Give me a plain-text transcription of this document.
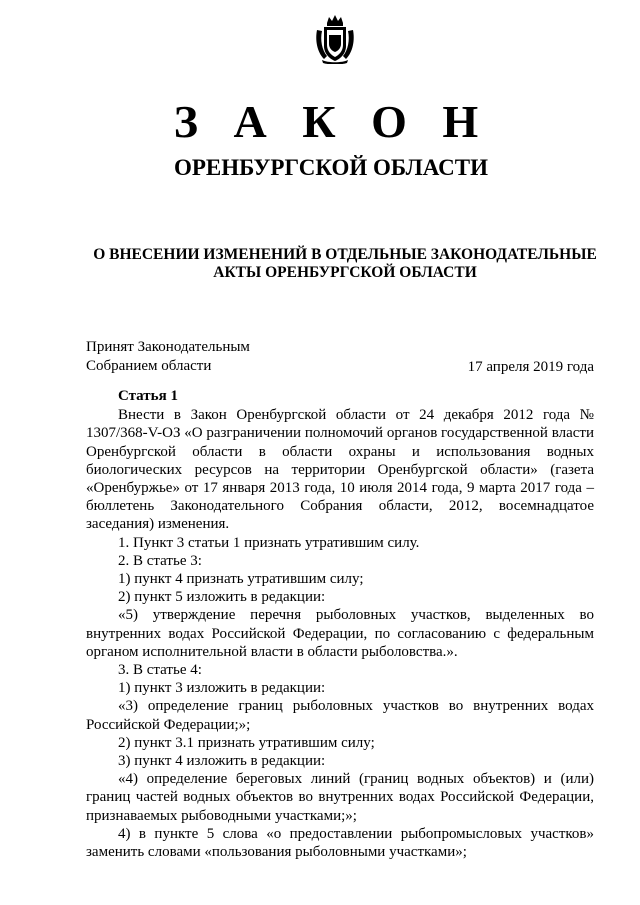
З А К О Н
ОРЕНБУРГСКОЙ ОБЛАСТИ
О ВНЕСЕНИИ ИЗМЕНЕНИЙ В ОТДЕЛЬНЫЕ ЗАКОНОДАТЕЛЬНЫЕ АКТЫ ОРЕНБУРГСКОЙ ОБЛАСТИ
Принят Законодательным
Собранием области	17 апреля 2019 года

Статья 1

Внести в Закон Оренбургской области от 24 декабря 2012 года № 1307/368-V-ОЗ «О разграничении полномочий органов государственной власти Оренбургской области в области охраны и использования водных биологических ресурсов на территории Оренбургской области» (газета «Оренбуржье» от 17 января 2013 года, 10 июля 2014 года, 9 марта 2017 года – бюллетень Законодательного Собрания области, 2012, восемнадцатое заседания) изменения.

1. Пункт 3 статьи 1 признать утратившим силу.

2. В статье 3:

1) пункт 4 признать утратившим силу;

2) пункт 5 изложить в редакции:

«5) утверждение перечня рыболовных участков, выделенных во внутренних водах Российской Федерации, по согласованию с федеральным органом исполнительной власти в области рыболовства.».

3. В статье 4:

1) пункт 3 изложить в редакции:

«3) определение границ рыболовных участков во внутренних водах Российской Федерации;»;

2) пункт 3.1 признать утратившим силу;

3) пункт 4 изложить в редакции:

«4) определение береговых линий (границ водных объектов) и (или) границ частей водных объектов во внутренних водах Российской Федерации, признаваемых рыбоводными участками;»;

4) в пункте 5 слова «о предоставлении рыбопромысловых участков» заменить словами «пользования рыболовными участками»;
